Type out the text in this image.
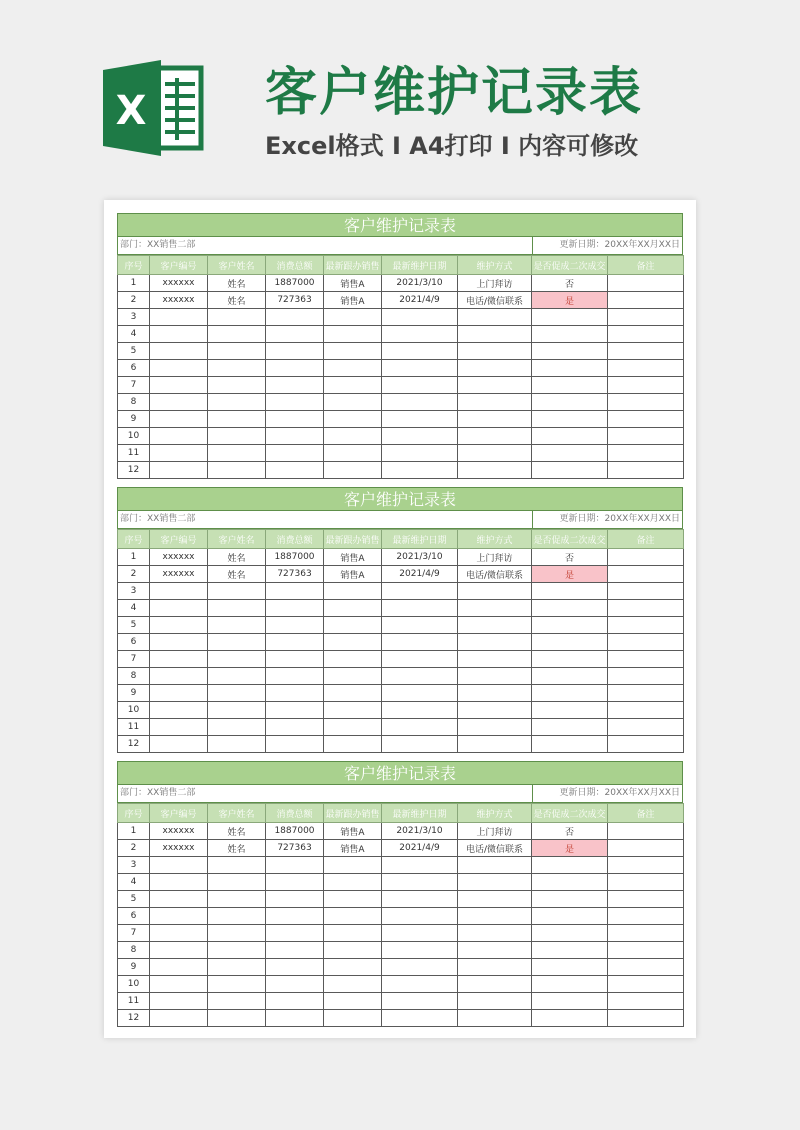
X 客户维护记录表
Excel格式 I A4打印 I 内容可修改
客户维护记录表
部门：XX销售二部	更新日期：20XX年XX月XX日
序号	客户编号	客户姓名	消费总额	最新跟办销售	最新维护日期	维护方式	是否促成二次成交	备注
1	xxxxxx	姓名	1887000	销售A	2021/3/10	上门拜访	否	
2	xxxxxx	姓名	727363	销售A	2021/4/9	电话/微信联系	是	
3								
4								
5								
6								
7								
8								
9								
10								
11								
12								
客户维护记录表
部门：XX销售二部	更新日期：20XX年XX月XX日
序号	客户编号	客户姓名	消费总额	最新跟办销售	最新维护日期	维护方式	是否促成二次成交	备注
1	xxxxxx	姓名	1887000	销售A	2021/3/10	上门拜访	否	
2	xxxxxx	姓名	727363	销售A	2021/4/9	电话/微信联系	是	
3								
4								
5								
6								
7								
8								
9								
10								
11								
12								
客户维护记录表
部门：XX销售二部	更新日期：20XX年XX月XX日
序号	客户编号	客户姓名	消费总额	最新跟办销售	最新维护日期	维护方式	是否促成二次成交	备注
1	xxxxxx	姓名	1887000	销售A	2021/3/10	上门拜访	否	
2	xxxxxx	姓名	727363	销售A	2021/4/9	电话/微信联系	是	
3								
4								
5								
6								
7								
8								
9								
10								
11								
12								
